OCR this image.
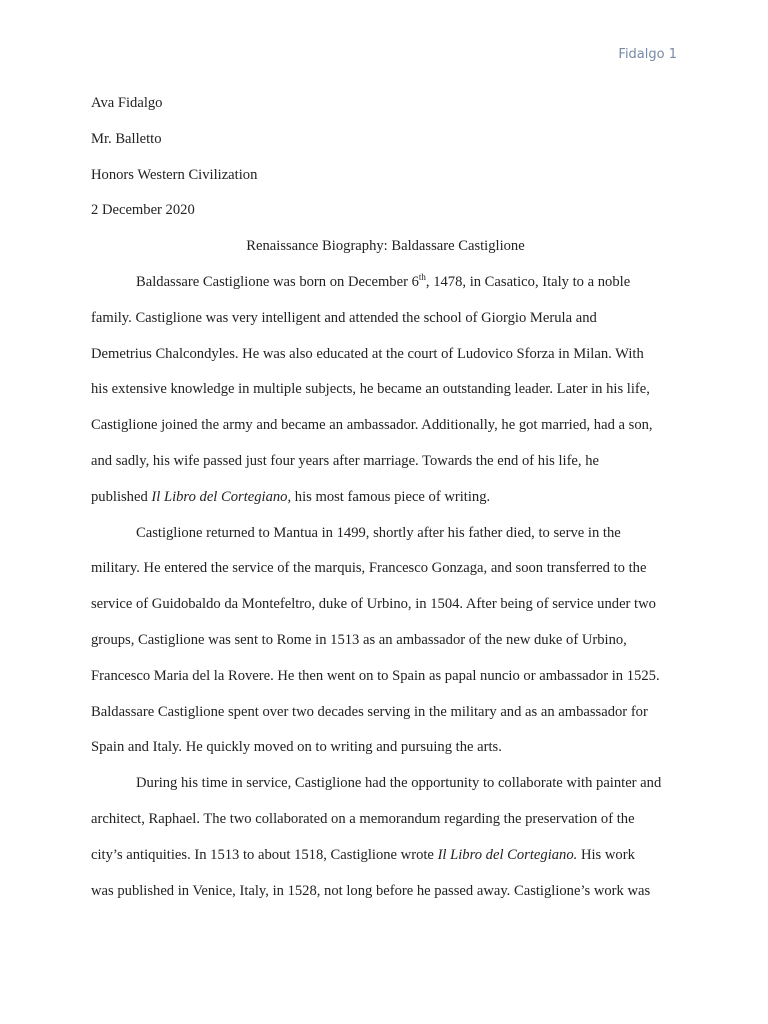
Fidalgo 1
Ava Fidalgo
Mr. Balletto
Honors Western Civilization
2 December 2020
Renaissance Biography: Baldassare Castiglione
Baldassare Castiglione was born on December 6th, 1478, in Casatico, Italy to a noble
family. Castiglione was very intelligent and attended the school of Giorgio Merula and
Demetrius Chalcondyles. He was also educated at the court of Ludovico Sforza in Milan. With
his extensive knowledge in multiple subjects, he became an outstanding leader. Later in his life,
Castiglione joined the army and became an ambassador. Additionally, he got married, had a son,
and sadly, his wife passed just four years after marriage. Towards the end of his life, he
published Il Libro del Cortegiano, his most famous piece of writing.
Castiglione returned to Mantua in 1499, shortly after his father died, to serve in the
military. He entered the service of the marquis, Francesco Gonzaga, and soon transferred to the
service of Guidobaldo da Montefeltro, duke of Urbino, in 1504. After being of service under two
groups, Castiglione was sent to Rome in 1513 as an ambassador of the new duke of Urbino,
Francesco Maria del la Rovere. He then went on to Spain as papal nuncio or ambassador in 1525.
Baldassare Castiglione spent over two decades serving in the military and as an ambassador for
Spain and Italy. He quickly moved on to writing and pursuing the arts.
During his time in service, Castiglione had the opportunity to collaborate with painter and
architect, Raphael. The two collaborated on a memorandum regarding the preservation of the
city’s antiquities. In 1513 to about 1518, Castiglione wrote Il Libro del Cortegiano. His work
was published in Venice, Italy, in 1528, not long before he passed away. Castiglione’s work was
